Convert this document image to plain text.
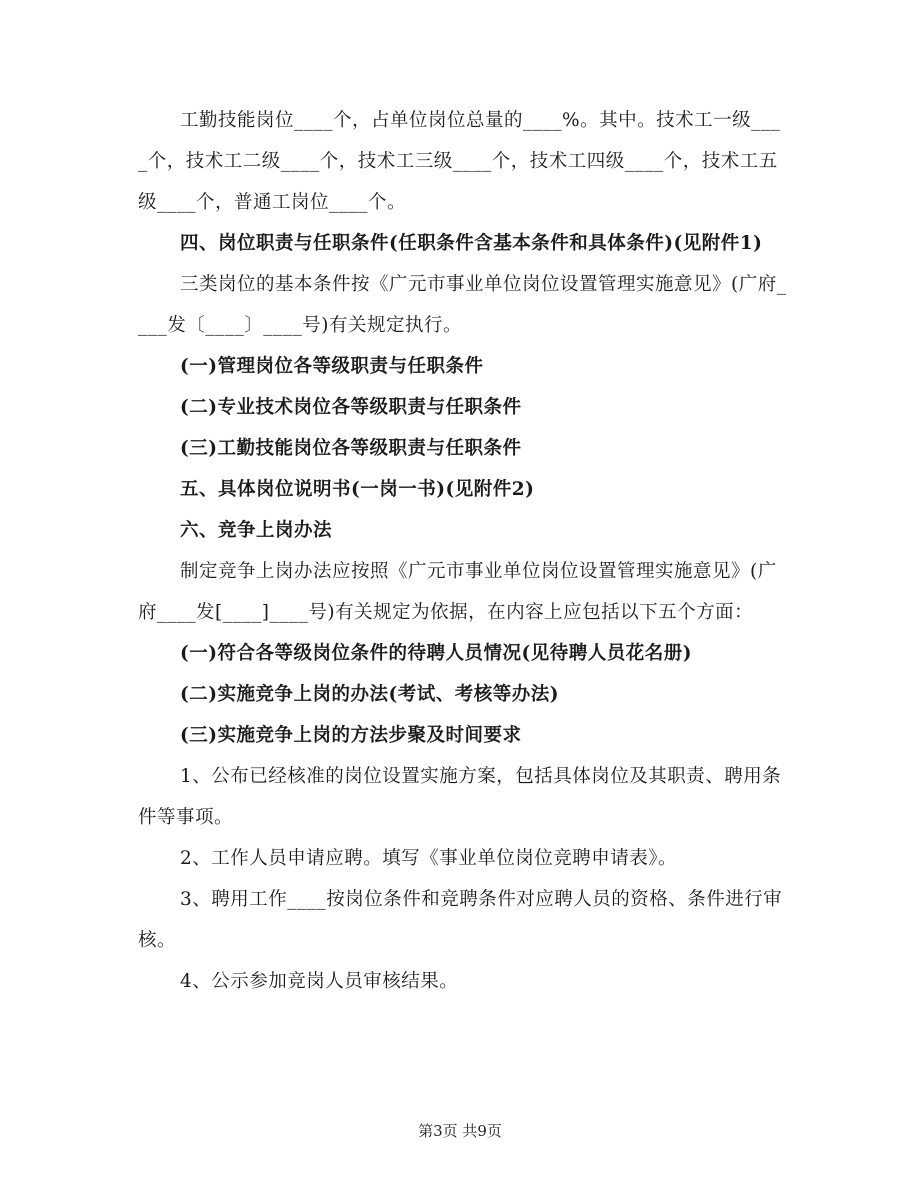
工勤技能岗位____个，占单位岗位总量的____%。其中。技术工一级____个，技术工二级____个，技术工三级____个，技术工四级____个，技术工五级____个，普通工岗位____个。

四、岗位职责与任职条件(任职条件含基本条件和具体条件)(见附件1)

三类岗位的基本条件按《广元市事业单位岗位设置管理实施意见》(广府____发〔____〕____号)有关规定执行。

(一)管理岗位各等级职责与任职条件

(二)专业技术岗位各等级职责与任职条件

(三)工勤技能岗位各等级职责与任职条件

五、具体岗位说明书(一岗一书)(见附件2)

六、竞争上岗办法

制定竞争上岗办法应按照《广元市事业单位岗位设置管理实施意见》(广府____发[____]____号)有关规定为依据，在内容上应包括以下五个方面：

(一)符合各等级岗位条件的待聘人员情况(见待聘人员花名册)

(二)实施竞争上岗的办法(考试、考核等办法)

(三)实施竞争上岗的方法步聚及时间要求

1、公布已经核准的岗位设置实施方案，包括具体岗位及其职责、聘用条件等事项。

2、工作人员申请应聘。填写《事业单位岗位竞聘申请表》。

3、聘用工作____按岗位条件和竞聘条件对应聘人员的资格、条件进行审核。

4、公示参加竞岗人员审核结果。

第3页 共9页
